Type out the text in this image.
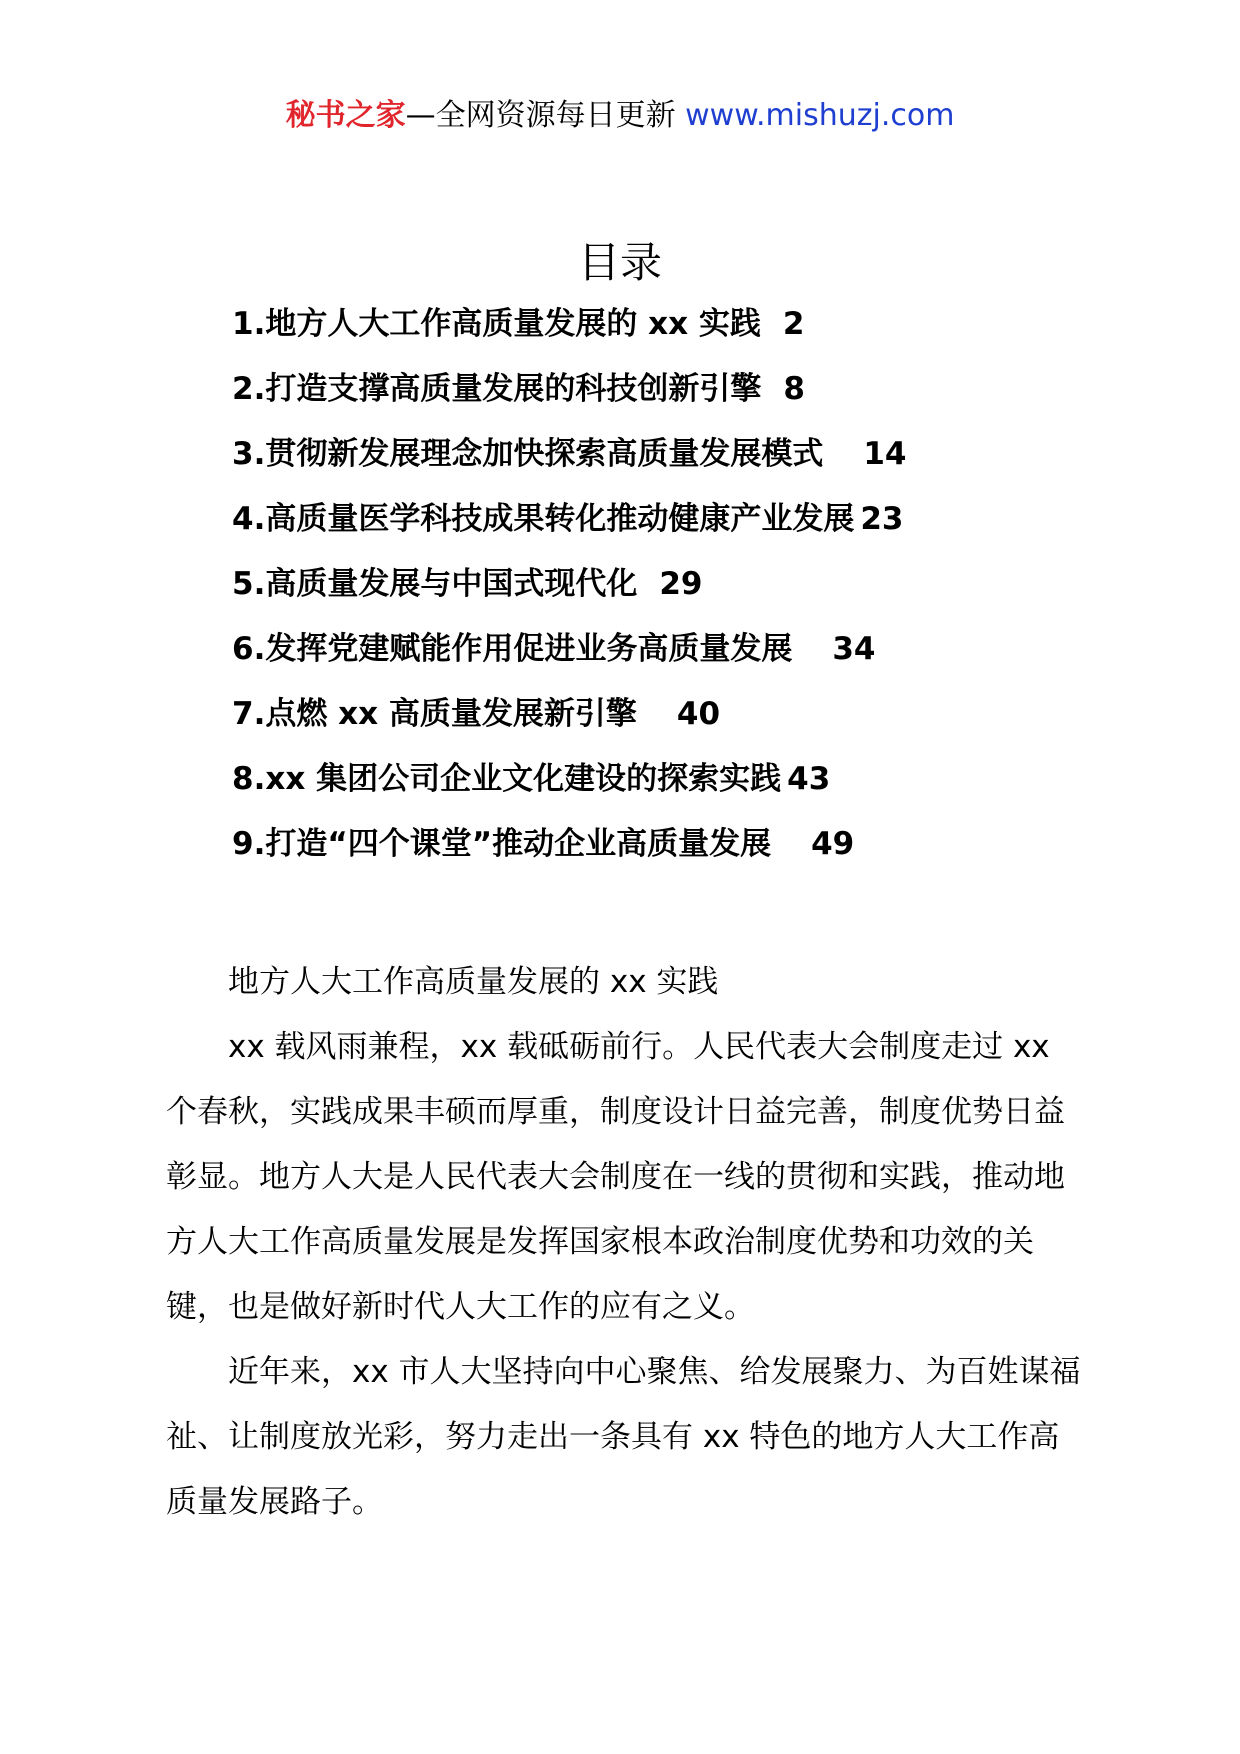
秘书之家—全网资源每日更新 www.mishuzj.com
目录
1.地方人大工作高质量发展的 xx 实践 2
2.打造支撑高质量发展的科技创新引擎 8
3.贯彻新发展理念加快探索高质量发展模式 14
4.高质量医学科技成果转化推动健康产业发展 23
5.高质量发展与中国式现代化 29
6.发挥党建赋能作用促进业务高质量发展 34
7.点燃 xx 高质量发展新引擎 40
8.xx 集团公司企业文化建设的探索实践 43
9.打造“四个课堂”推动企业高质量发展 49

地方人大工作高质量发展的 xx 实践

xx 载风雨兼程，xx 载砥砺前行。人民代表大会制度走过 xx 个春秋，实践成果丰硕而厚重，制度设计日益完善，制度优势日益彰显。地方人大是人民代表大会制度在一线的贯彻和实践，推动地方人大工作高质量发展是发挥国家根本政治制度优势和功效的关键，也是做好新时代人大工作的应有之义。

近年来，xx 市人大坚持向中心聚焦、给发展聚力、为百姓谋福祉、让制度放光彩，努力走出一条具有 xx 特色的地方人大工作高质量发展路子。
